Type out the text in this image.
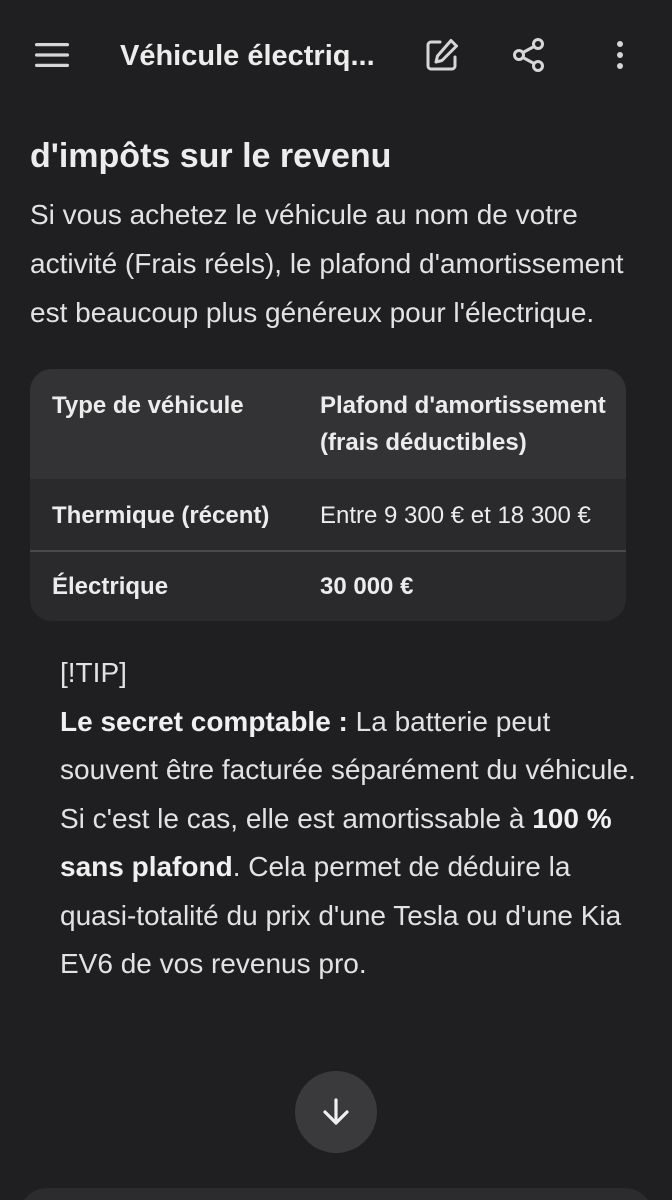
Véhicule électriq...
d'impôts sur le revenu

Si vous achetez le véhicule au nom de votre activité (Frais réels), le plafond d'amortissement est beaucoup plus généreux pour l'électrique.

Type de véhicule	Plafond d'amortissement (frais déductibles)
Thermique (récent)	Entre 9 300 € et 18 300 €
Électrique	30 000 €
[!TIP]
Le secret comptable : La batterie peut souvent être facturée séparément du véhicule. Si c'est le cas, elle est amortissable à 100 % sans plafond. Cela permet de déduire la quasi-totalité du prix d'une Tesla ou d'une Kia EV6 de vos revenus pro.
